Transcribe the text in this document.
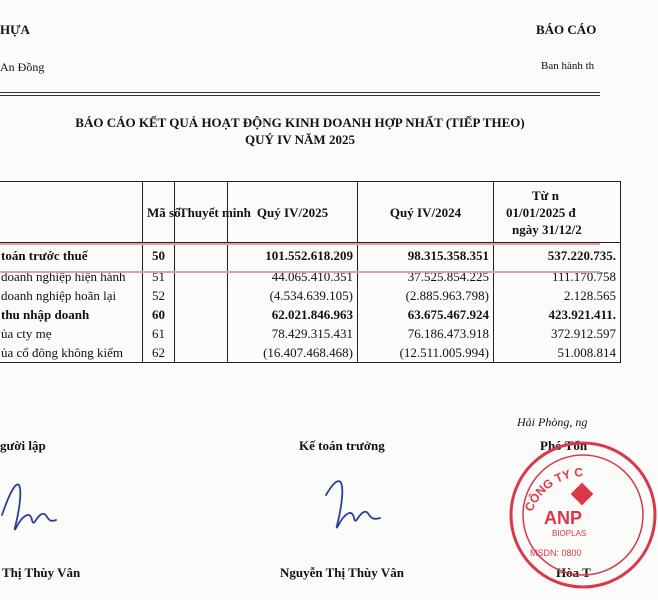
HỰA
An Đồng
BÁO CÁO
Ban hành th
BÁO CÁO KẾT QUẢ HOẠT ĐỘNG KINH DOANH HỢP NHẤT (TIẾP THEO)
QUÝ IV NĂM 2025
	Mã số	Thuyết minh	Quý IV/2025	Quý IV/2024	Từ n
01/01/2025 đ
ngày 31/12/2

toán trước thuế	50		101.552.618.209	98.315.358.351	537.220.735.
doanh nghiệp hiện hành	51		44.065.410.351	37.525.854.225	111.170.758
doanh nghiệp hoãn lại	52		(4.534.639.105)	(2.885.963.798)	2.128.565
thu nhập doanh	60		62.021.846.963	63.675.467.924	423.921.411.
ủa cty mẹ	61		78.429.315.431	76.186.473.918	372.912.597
ủa cổ đông không kiểm	62		(16.407.468.468)	(12.511.005.994)	51.008.814
Hải Phòng, ng
gười lập	Kế toán trưởng	Phó Tổn
Thị Thùy Vân	Nguyễn Thị Thùy Vân	Hòa T
CÔNG TY C
ANP
BIOPLAS
MSDN: 0800
